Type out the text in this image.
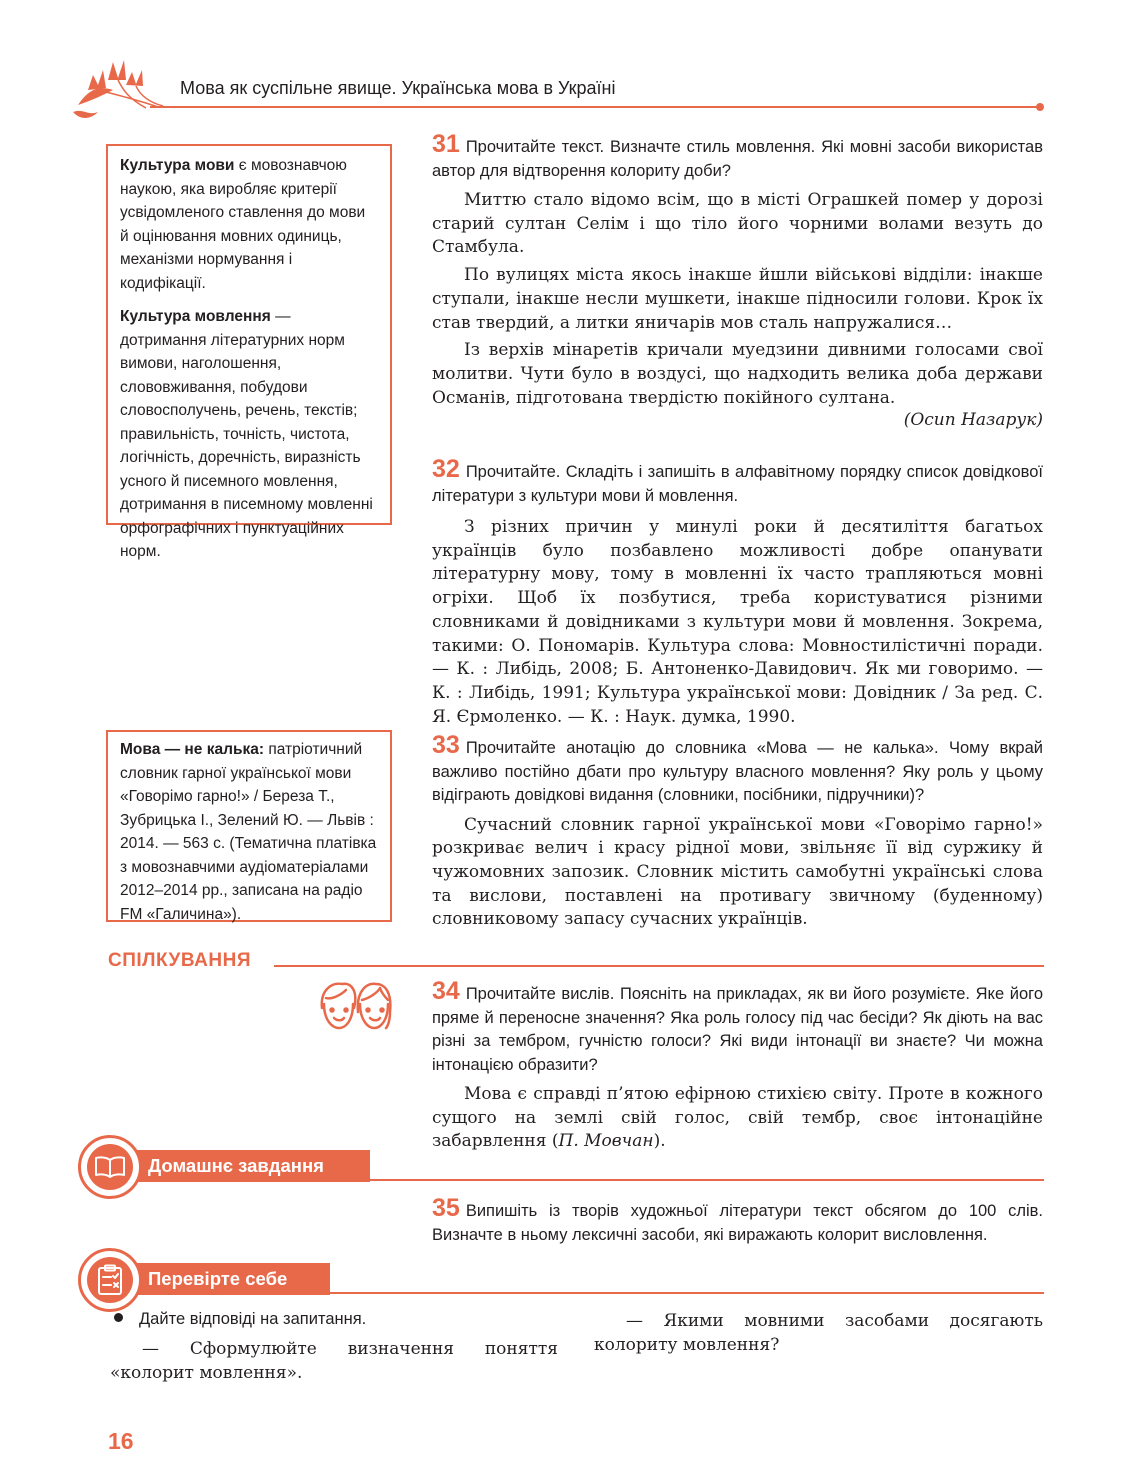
Мова як суспільне явище. Українська мова в Україні

Культура мови є мовознавчою наукою, яка виробляє критерії усвідомленого ставлення до мови й оцінювання мовних одиниць, механізми нормування і кодифікації.

Культура мовлення — дотримання літературних норм вимови, наголошення, слововживання, побудови словосполучень, речень, текстів; правильність, точність, чистота, логічність, доречність, виразність усного й писемного мовлення, дотримання в писемному мовленні орфографічних і пунктуаційних норм.

Мова — не калька: патріотичний словник гарної української мови «Говорімо гарно!» / Береза Т., Зубрицька І., Зелений Ю. — Львів : 2014. — 563 с. (Тематична платівка з мовознавчими аудіоматеріалами 2012–2014 рр., записана на радіо FM «Галичина»).

31 Прочитайте текст. Визначте стиль мовлення. Які мовні засоби використав автор для відтворення колориту доби?
Миттю стало відомо всім, що в місті Ограшкей помер у дорозі старий султан Селім і що тіло його чорними волами везуть до Стамбула.
По вулицях міста якось інакше йшли військові відділи: інакше ступали, інакше несли мушкети, інакше підносили голови. Крок їх став твердий, а литки яничарів мов сталь напружалися…
Із верхів мінаретів кричали муедзини дивними голосами свої молитви. Чути було в воздусі, що надходить велика доба держави Османів, підготована твердістю покійного султана.
(Осип Назарук)
32 Прочитайте. Складіть і запишіть в алфавітному порядку список довідкової літератури з культури мови й мовлення.
З різних причин у минулі роки й десятиліття багатьох українців було позбавлено можливості добре опанувати літературну мову, тому в мовленні їх часто трапляються мовні огріхи. Щоб їх позбутися, треба користуватися різними словниками й довідниками з культури мови й мовлення. Зокрема, такими: О. Пономарів. Культура слова: Мовностилістичні поради. — К. : Либідь, 2008; Б. Антоненко-Давидович. Як ми говоримо. — К. : Либідь, 1991; Культура української мови: Довідник / За ред. С. Я. Єрмоленко. — К. : Наук. думка, 1990.
33 Прочитайте анотацію до словника «Мова — не калька». Чому вкрай важливо постійно дбати про культуру власного мовлення? Яку роль у цьому відіграють довідкові видання (словники, посібники, підручники)?
Сучасний словник гарної української мови «Говорімо гарно!» розкриває велич і красу рідної мови, звільняє її від суржику й чужомовних запозик. Словник містить самобутні українські слова та вислови, поставлені на противагу звичному (буденному) словниковому запасу сучасних українців.
СПІЛКУВАННЯ
34 Прочитайте вислів. Поясніть на прикладах, як ви його розумієте. Яке його пряме й переносне значення? Яка роль голосу під час бесіди? Як діють на вас різні за тембром, гучністю голоси? Які види інтонації ви знаєте? Чи можна інтонацією образити?
Мова є справді п’ятою ефірною стихією світу. Проте в кожного сущого на землі свій голос, свій тембр, своє інтонаційне забарвлення (П. Мовчан).
Домашнє завдання
35 Випишіть із творів художньої літератури текст обсягом до 100 слів. Визначте в ньому лексичні засоби, які виражають колорит висловлення.
Перевірте себе
Дайте відповіді на запитання.
— Сформулюйте визначення поняття «колорит мовлення».
— Якими мовними засобами досягають колориту мовлення?
16
